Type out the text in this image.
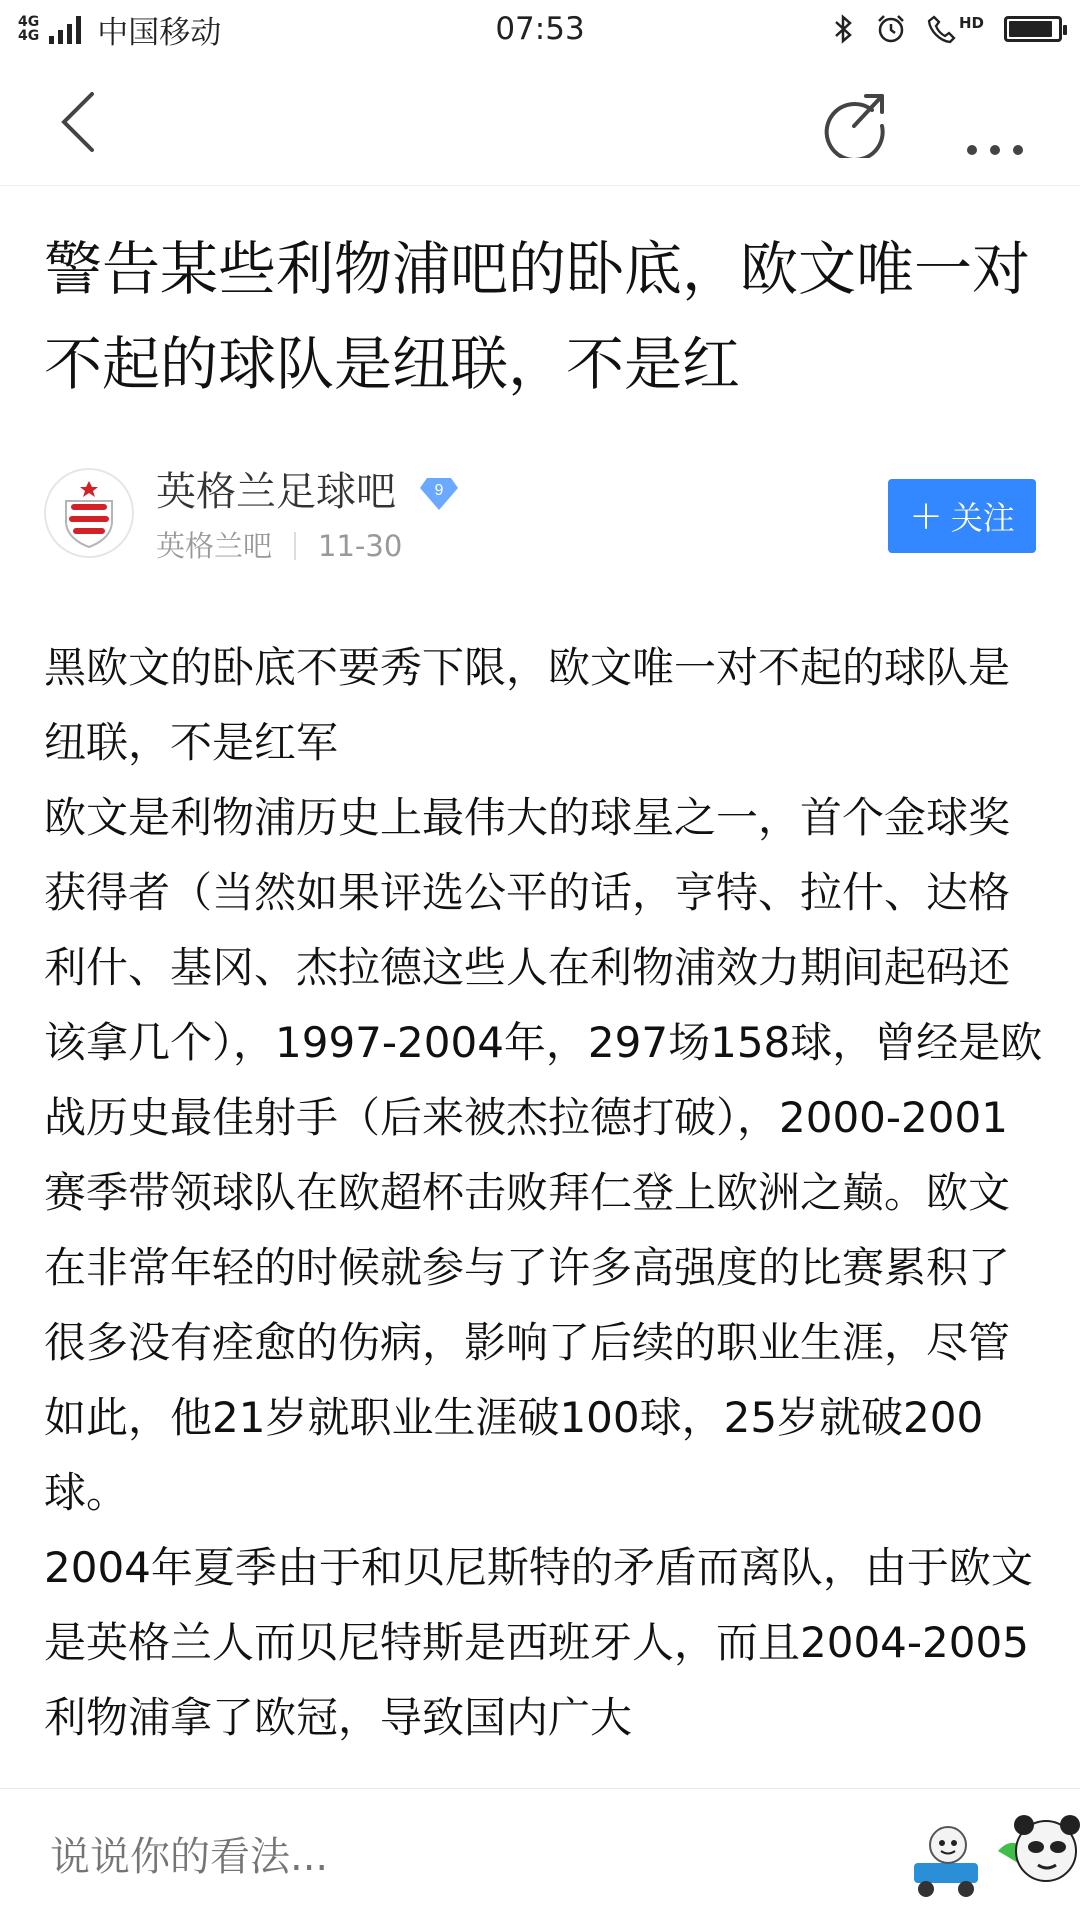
4G
4G 中国移动	07:53	HD
警告某些利物浦吧的卧底，欧文唯一对不起的球队是纽联，不是红
英格兰足球吧 9
英格兰吧 11-30
+ 关注

黑欧文的卧底不要秀下限，欧文唯一对不起的球队是纽联，不是红军

欧文是利物浦历史上最伟大的球星之一，首个金球奖获得者（当然如果评选公平的话，亨特、拉什、达格利什、基冈、杰拉德这些人在利物浦效力期间起码还该拿几个），1997-2004年，297场158球，曾经是欧战历史最佳射手（后来被杰拉德打破），2000-2001赛季带领球队在欧超杯击败拜仁登上欧洲之巅。欧文在非常年轻的时候就参与了许多高强度的比赛累积了很多没有痊愈的伤病，影响了后续的职业生涯，尽管如此，他21岁就职业生涯破100球，25岁就破200球。

2004年夏季由于和贝尼斯特的矛盾而离队，由于欧文是英格兰人而贝尼特斯是西班牙人，而且2004-2005利物浦拿了欧冠，导致国内广大

说说你的看法...
